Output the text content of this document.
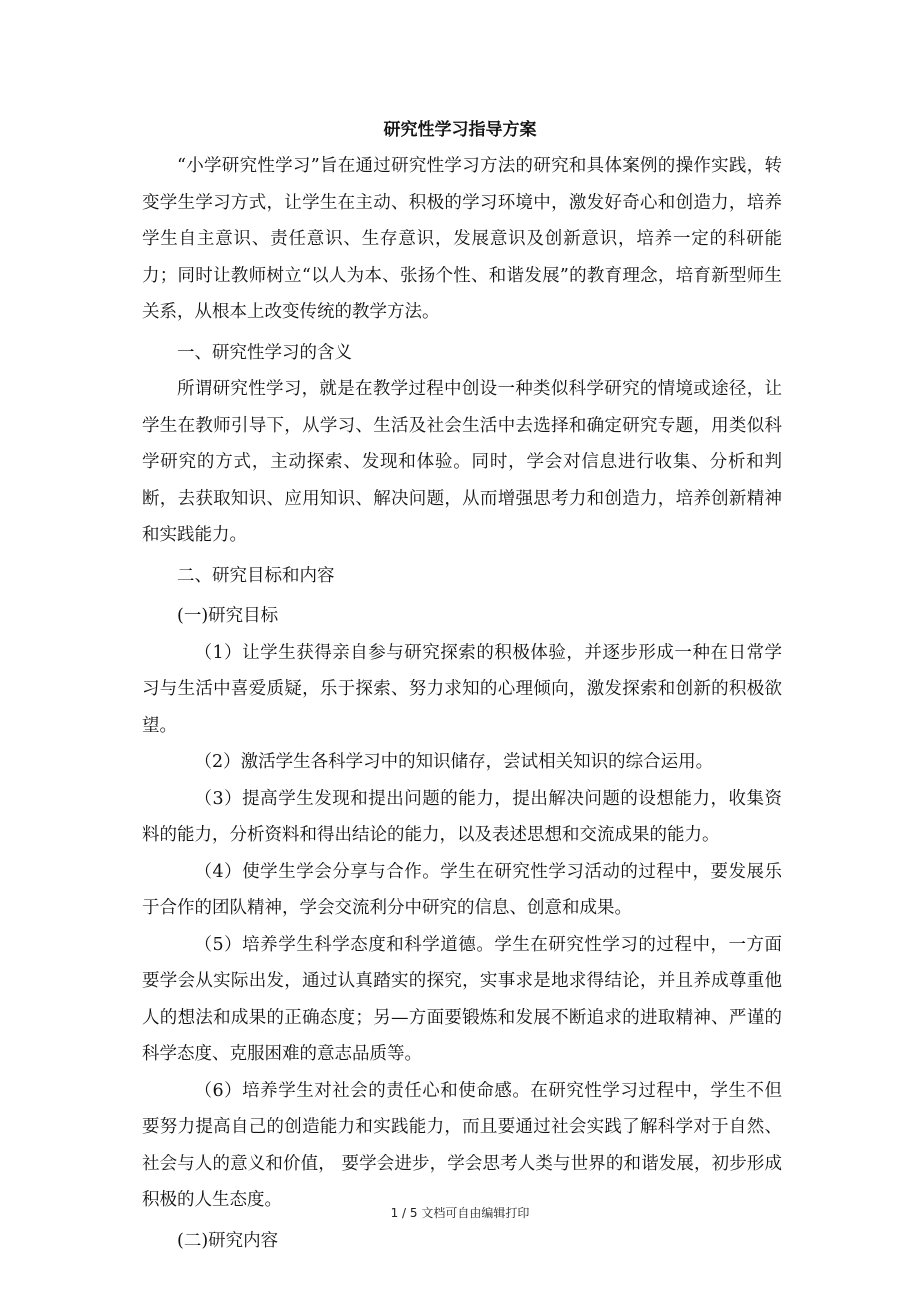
研究性学习指导方案

“小学研究性学习”旨在通过研究性学习方法的研究和具体案例的操作实践，转变学生学习方式，让学生在主动、积极的学习环境中，激发好奇心和创造力，培养学生自主意识、责任意识、生存意识，发展意识及创新意识，培养一定的科研能力；同时让教师树立“以人为本、张扬个性、和谐发展”的教育理念，培育新型师生关系，从根本上改变传统的教学方法。

一、研究性学习的含义

所谓研究性学习，就是在教学过程中创设一种类似科学研究的情境或途径，让学生在教师引导下，从学习、生活及社会生活中去选择和确定研究专题，用类似科学研究的方式，主动探索、发现和体验。同时，学会对信息进行收集、分析和判断，去获取知识、应用知识、解决问题，从而增强思考力和创造力，培养创新精神和实践能力。

二、研究目标和内容

(一)研究目标

（1）让学生获得亲自参与研究探索的积极体验，并逐步形成一种在日常学习与生活中喜爱质疑，乐于探索、努力求知的心理倾向，激发探索和创新的积极欲望。

（2）激活学生各科学习中的知识储存，尝试相关知识的综合运用。

（3）提高学生发现和提出问题的能力，提出解决问题的设想能力，收集资料的能力，分析资料和得出结论的能力，以及表述思想和交流成果的能力。

（4）使学生学会分享与合作。学生在研究性学习活动的过程中，要发展乐于合作的团队精神，学会交流利分中研究的信息、创意和成果。

（5）培养学生科学态度和科学道德。学生在研究性学习的过程中，一方面要学会从实际出发，通过认真踏实的探究，实事求是地求得结论，并且养成尊重他人的想法和成果的正确态度；另—方面要锻炼和发展不断追求的进取精神、严谨的科学态度、克服困难的意志品质等。

（6）培养学生对社会的责任心和使命感。在研究性学习过程中，学生不但要努力提高自己的创造能力和实践能力，而且要通过社会实践了解科学对于自然、社会与人的意义和价值， 要学会进步，学会思考人类与世界的和谐发展，初步形成积极的人生态度。

(二)研究内容

1 / 5 文档可自由编辑打印
